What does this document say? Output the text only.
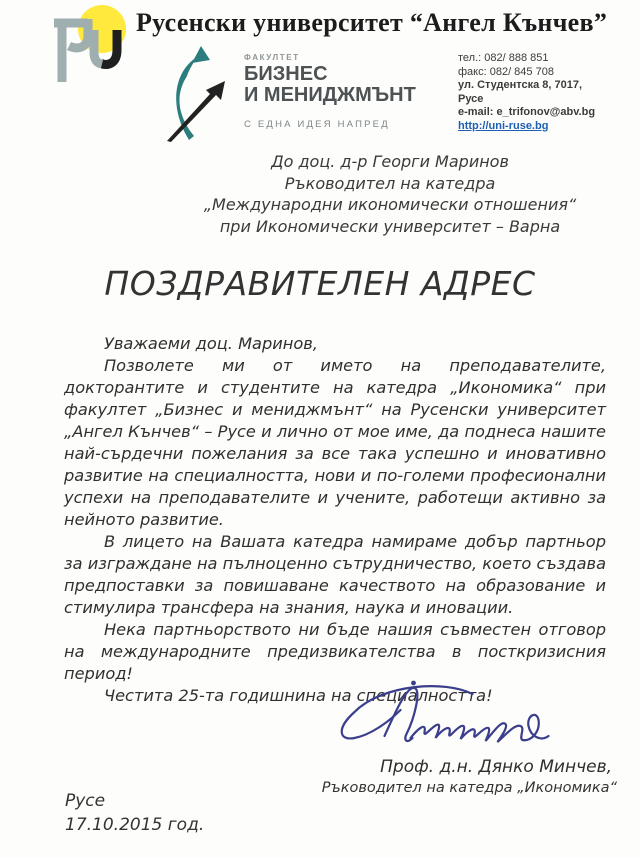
Русенски университет “Ангел Кънчев”
ФАКУЛТЕТ
БИЗНЕС
И МЕНИДЖМЪНТ
С ЕДНА ИДЕЯ НАПРЕД
тел.: 082/ 888 851
факс: 082/ 845 708
ул. Студентска 8, 7017,
Русе
e-mail: e_trifonov@abv.bg
http://uni-ruse.bg
До доц. д-р Георги Маринов
Ръководител на катедра
„Международни икономически отношения“
при Икономически университет – Варна
ПОЗДРАВИТЕЛЕН АДРЕС

Уважаеми доц. Маринов,

Позволете ми от името на преподавателите, докторантите и студентите на катедра „Икономика“ при факултет „Бизнес и мениджмънт“ на Русенски университет „Ангел Кънчев“ – Русе и лично от мое име, да поднеса нашите най-сърдечни пожелания за все така успешно и иновативно развитие на специалността, нови и по-големи професионални успехи на преподавателите и учените, работещи активно за нейното развитие.

В лицето на Вашата катедра намираме добър партньор за изграждане на пълноценно сътрудничество, което създава предпоставки за повишаване качеството на образование и стимулира трансфера на знания, наука и иновации.

Нека партньорството ни бъде нашия съвместен отговор на международните предизвикателства в посткризисния период!

Честита 25-та годишнина на специалността!

Проф. д.н. Дянко Минчев,
Ръководител на катедра „Икономика“
Русе
17.10.2015 год.
